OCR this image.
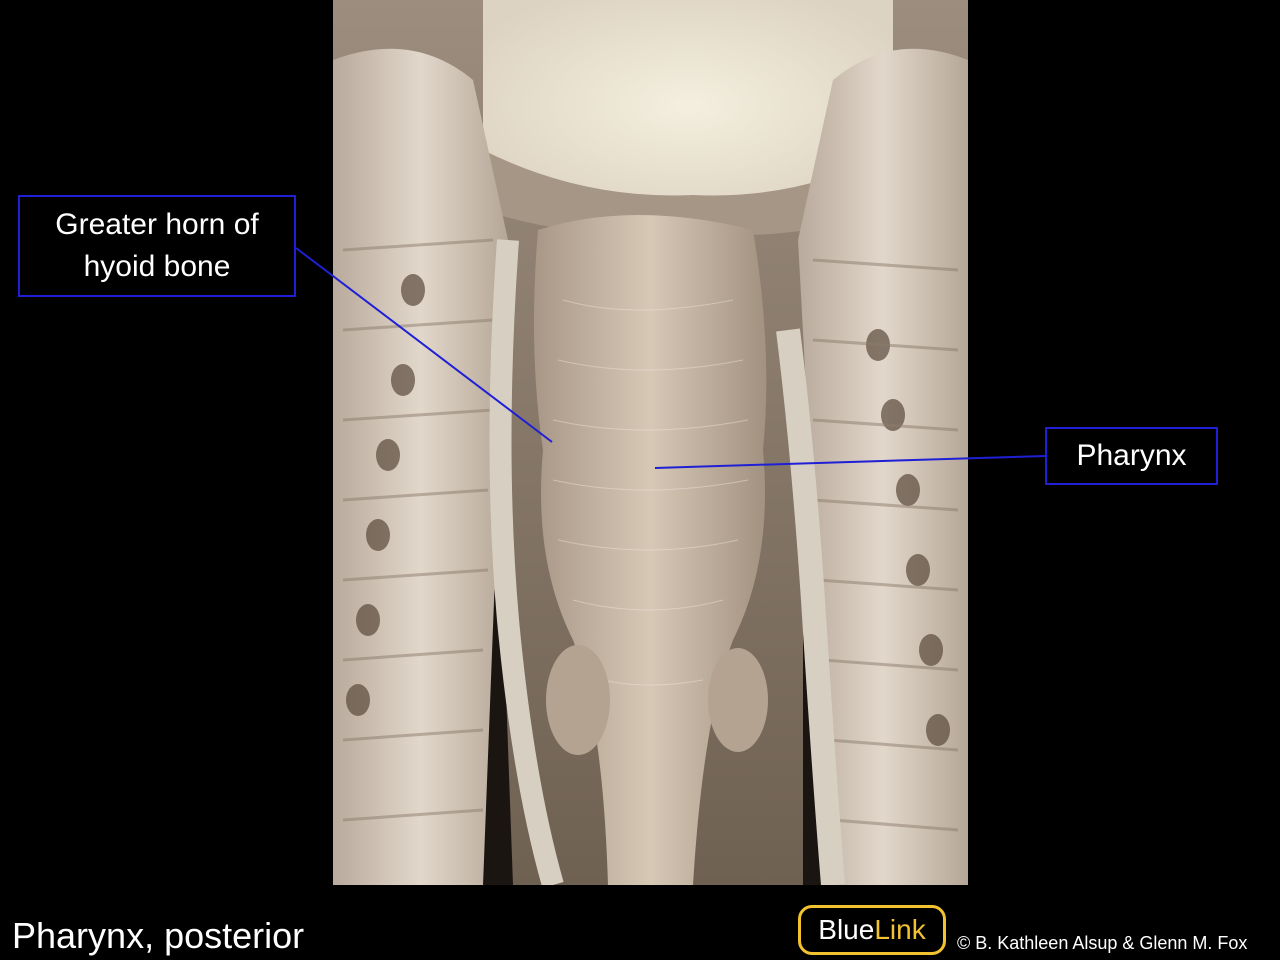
Greater horn of
hyoid bone
Pharynx
Pharynx, posterior	Blue Link © B. Kathleen Alsup & Glenn M. Fox
